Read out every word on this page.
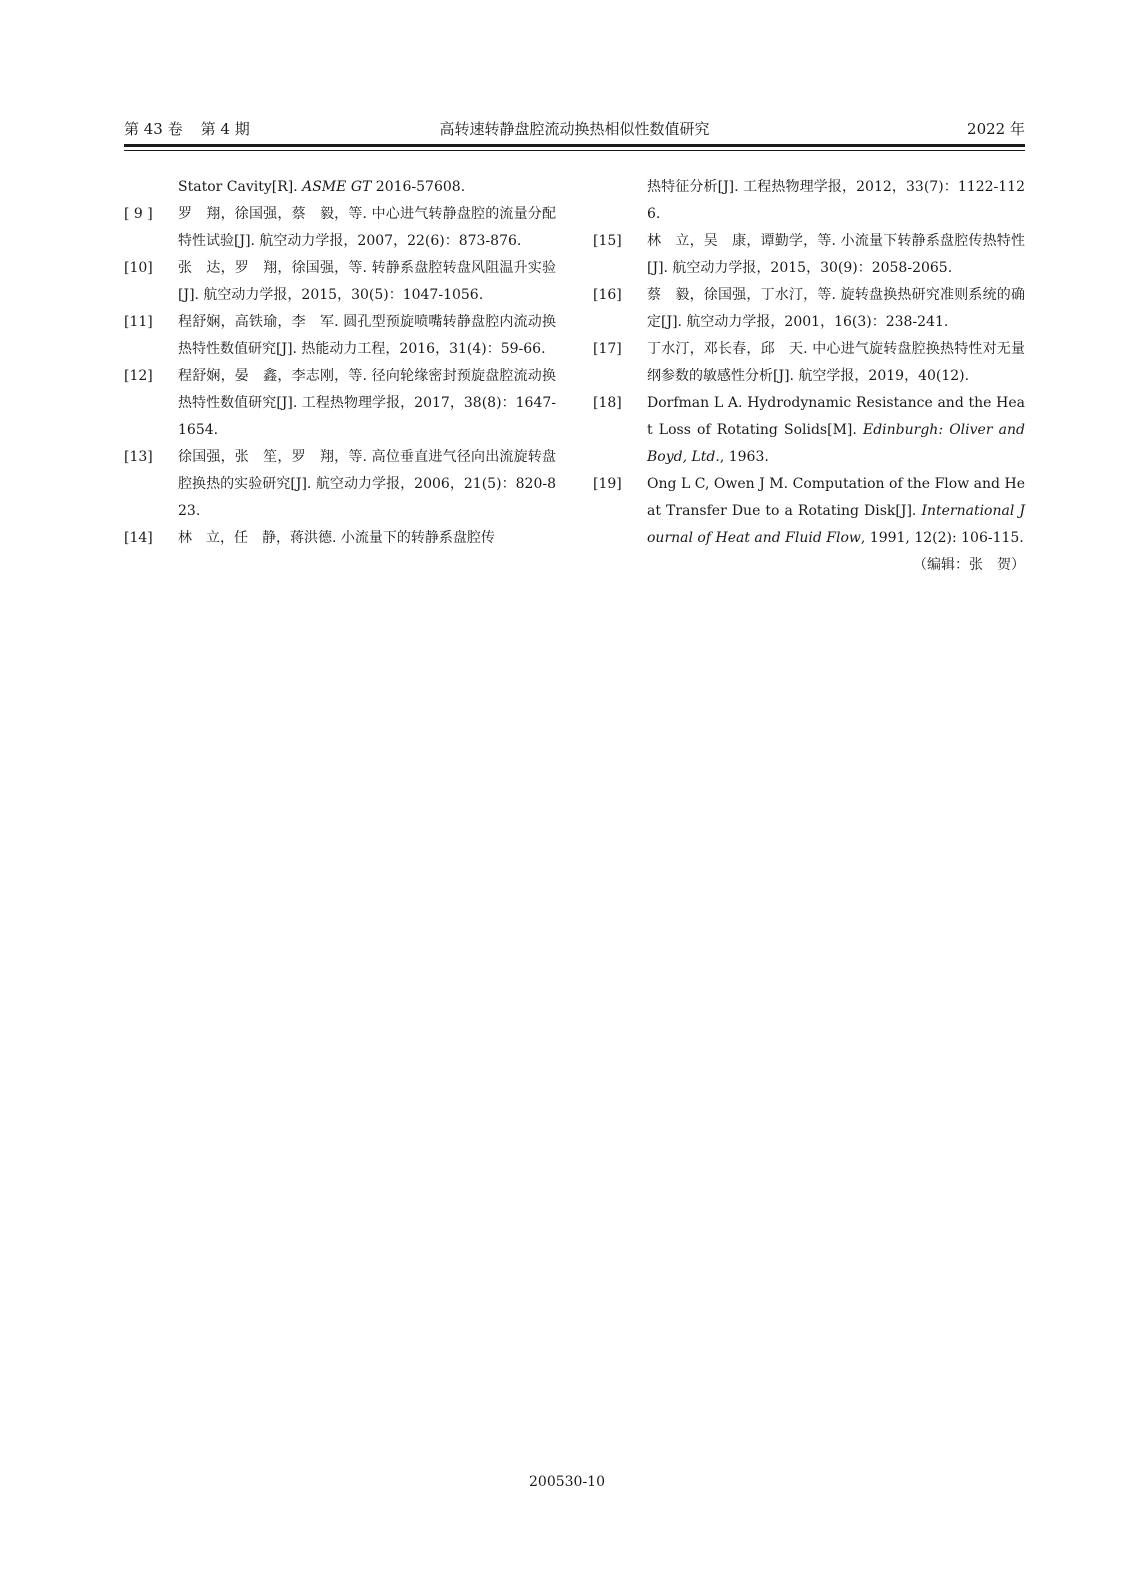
第 43 卷 第 4 期	高转速转静盘腔流动换热相似性数值研究	2022 年
Stator Cavity[R]. ASME GT 2016-57608.
[ 9 ] 罗　翔，徐国强，蔡　毅，等. 中心进气转静盘腔的流量分配特性试验[J]. 航空动力学报，2007，22(6)：873-876.
[10] 张　达，罗　翔，徐国强，等. 转静系盘腔转盘风阻温升实验[J]. 航空动力学报，2015，30(5)：1047-1056.
[11] 程舒娴，高铁瑜，李　军. 圆孔型预旋喷嘴转静盘腔内流动换热特性数值研究[J]. 热能动力工程，2016，31(4)：59-66.
[12] 程舒娴，晏　鑫，李志刚，等. 径向轮缘密封预旋盘腔流动换热特性数值研究[J]. 工程热物理学报，2017，38(8)：1647-1654.
[13] 徐国强，张　笙，罗　翔，等. 高位垂直进气径向出流旋转盘腔换热的实验研究[J]. 航空动力学报，2006，21(5)：820-823.
[14] 林　立，任　静，蒋洪德. 小流量下的转静系盘腔传
热特征分析[J]. 工程热物理学报，2012，33(7)：1122-1126.
[15] 林　立，吴　康，谭勤学，等. 小流量下转静系盘腔传热特性[J]. 航空动力学报，2015，30(9)：2058-2065.
[16] 蔡　毅，徐国强，丁水汀，等. 旋转盘换热研究准则系统的确定[J]. 航空动力学报，2001，16(3)：238-241.
[17] 丁水汀，邓长春，邱　天. 中心进气旋转盘腔换热特性对无量纲参数的敏感性分析[J]. 航空学报，2019，40(12).
[18] Dorfman L A. Hydrodynamic Resistance and the Heat Loss of Rotating Solids[M]. Edinburgh: Oliver and Boyd, Ltd., 1963.
[19] Ong L C, Owen J M. Computation of the Flow and Heat Transfer Due to a Rotating Disk[J]. International Journal of Heat and Fluid Flow, 1991, 12(2): 106-115.
（编辑：张　贺）
200530-10
